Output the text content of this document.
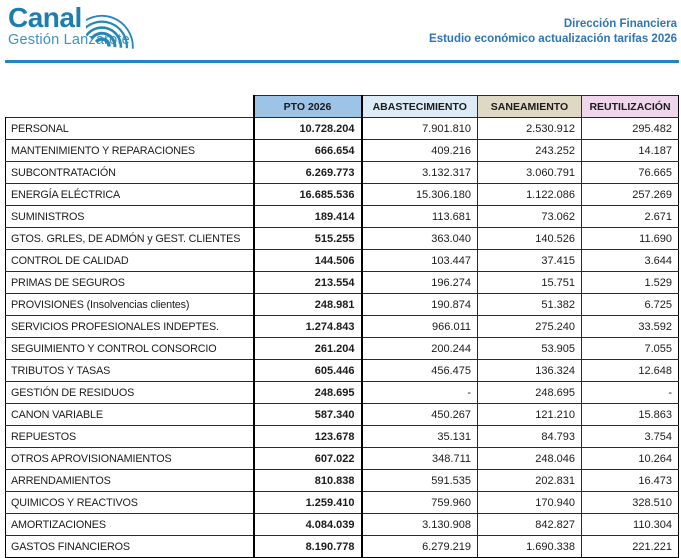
Canal
Gestión Lanzarote
Dirección Financiera
Estudio económico actualización tarifas 2026
	PTO 2026	ABASTECIMIENTO	SANEAMIENTO	REUTILIZACIÓN
PERSONAL	10.728.204	7.901.810	2.530.912	295.482
MANTENIMIENTO Y REPARACIONES	666.654	409.216	243.252	14.187
SUBCONTRATACIÓN	6.269.773	3.132.317	3.060.791	76.665
ENERGÍA ELÉCTRICA	16.685.536	15.306.180	1.122.086	257.269
SUMINISTROS	189.414	113.681	73.062	2.671
GTOS. GRLES, DE ADMÓN y GEST. CLIENTES	515.255	363.040	140.526	11.690
CONTROL DE CALIDAD	144.506	103.447	37.415	3.644
PRIMAS DE SEGUROS	213.554	196.274	15.751	1.529
PROVISIONES (Insolvencias clientes)	248.981	190.874	51.382	6.725
SERVICIOS PROFESIONALES INDEPTES.	1.274.843	966.011	275.240	33.592
SEGUIMIENTO Y CONTROL CONSORCIO	261.204	200.244	53.905	7.055
TRIBUTOS Y TASAS	605.446	456.475	136.324	12.648
GESTIÓN DE RESIDUOS	248.695	-	248.695	-
CANON VARIABLE	587.340	450.267	121.210	15.863
REPUESTOS	123.678	35.131	84.793	3.754
OTROS APROVISIONAMIENTOS	607.022	348.711	248.046	10.264
ARRENDAMIENTOS	810.838	591.535	202.831	16.473
QUIMICOS Y REACTIVOS	1.259.410	759.960	170.940	328.510
AMORTIZACIONES	4.084.039	3.130.908	842.827	110.304
GASTOS FINANCIEROS	8.190.778	6.279.219	1.690.338	221.221
